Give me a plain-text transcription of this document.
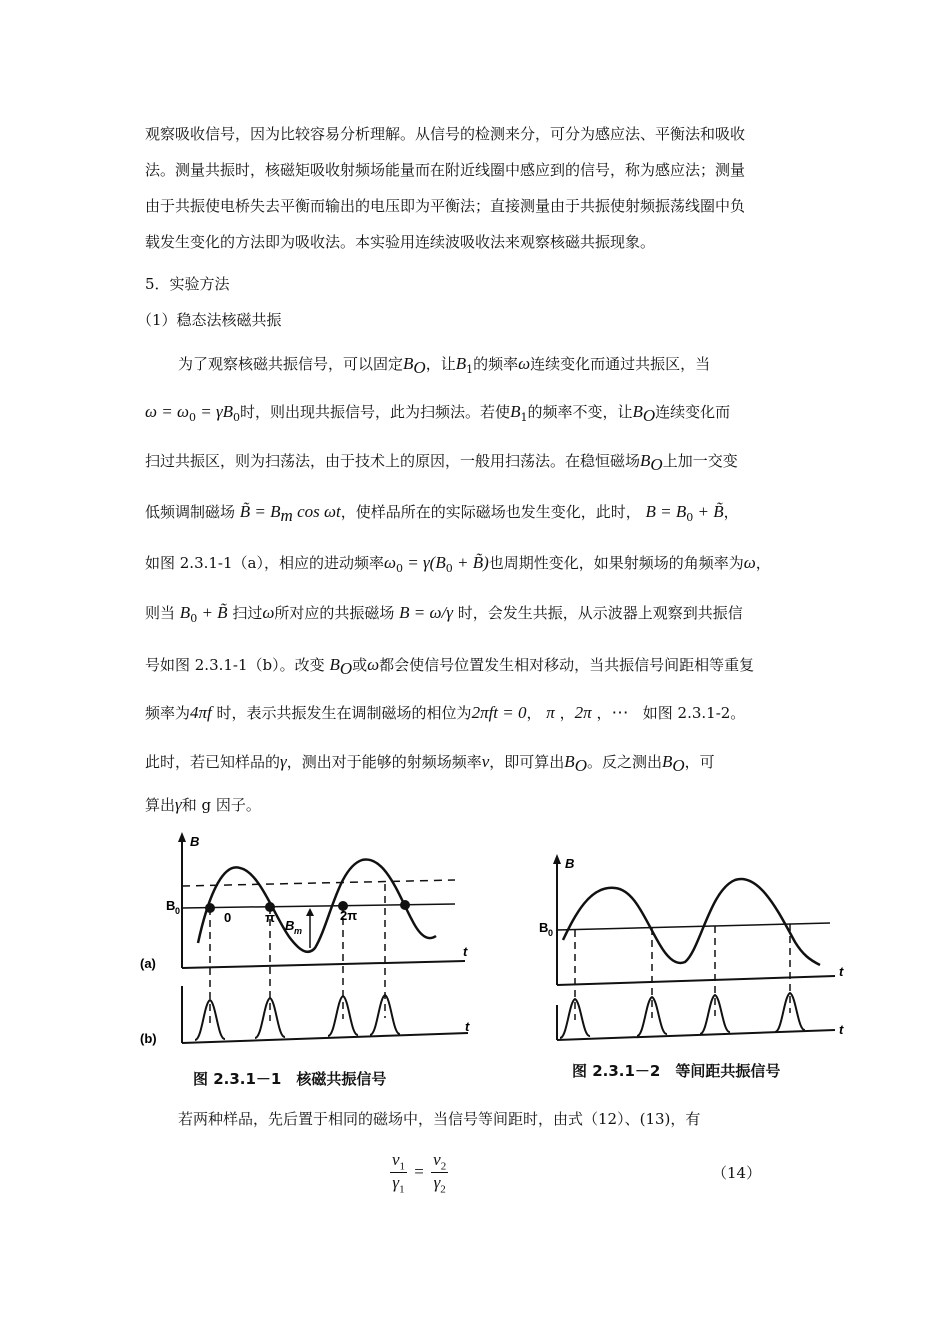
观察吸收信号，因为比较容易分析理解。从信号的检测来分，可分为感应法、平衡法和吸收
法。测量共振时，核磁矩吸收射频场能量而在附近线圈中感应到的信号，称为感应法；测量
由于共振使电桥失去平衡而输出的电压即为平衡法；直接测量由于共振使射频振荡线圈中负
载发生变化的方法即为吸收法。本实验用连续波吸收法来观察核磁共振现象。
5．实验方法
（1）稳态法核磁共振
为了观察核磁共振信号，可以固定$B_O$，让$B_1$的频率ω连续变化而通过共振区，当
$\omega = \omega_0 = \gamma B_0$时，则出现共振信号，此为扫频法。若使$B_1$的频率不变，让$B_O$连续变化而
扫过共振区，则为扫荡法，由于技术上的原因，一般用扫荡法。在稳恒磁场$B_O$上加一交变
低频调制磁场 B̃ = $B_m$ cos ωt，使样品所在的实际磁场也发生变化，此时， $B = B_0$ + B̃，
如图 2.3.1-1（a），相应的进动频率$\omega_0 = \gamma(B_0$ + B̃)也周期性变化，如果射频场的角频率为ω，
则当 $B_0$ + B̃ 扫过ω所对应的共振磁场 B = ω/γ 时，会发生共振，从示波器上观察到共振信
号如图 2.3.1-1（b）。改变 $B_O$或ω都会使信号位置发生相对移动，当共振信号间距相等重复
频率为4πf 时，表示共振发生在调制磁场的相位为2πft = 0， π ，2π ，⋯ 如图 2.3.1-2。
此时，若已知样品的γ，测出对于能够的射频场频率ν，即可算出$B_O$。反之测出$B_O$，可
算出γ和 g 因子。
B
t
t
B 0
(a)
(b)
0	π	2π
B m
图 2.3.1－1　核磁共振信号
B
t
t
B 0
图 2.3.1－2　等间距共振信号
若两种样品，先后置于相同的磁场中，当信号等间距时，由式（12）、(13)，有
$\frac{\nu_1}{\gamma_1} = \frac{\nu_2}{\gamma_2}$	（14）
